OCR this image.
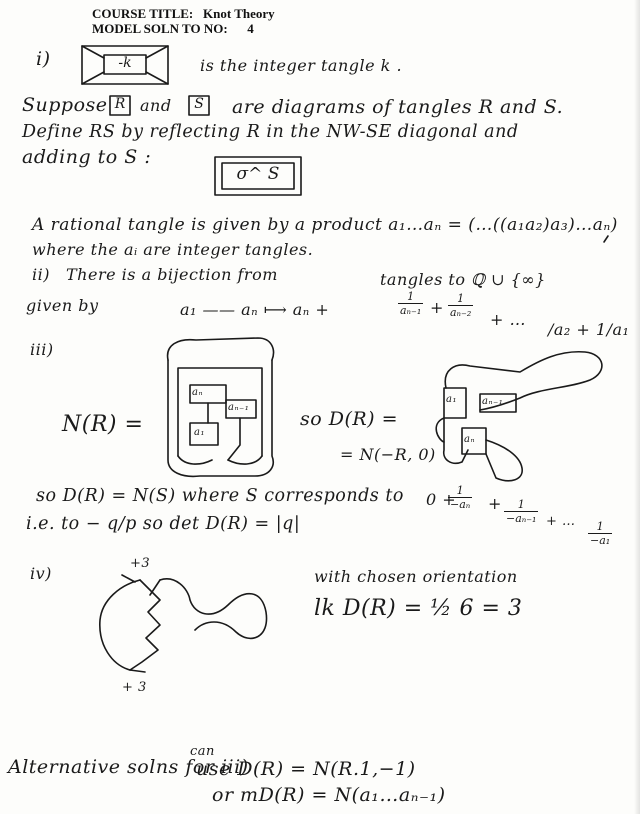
COURSE TITLE: Knot Theory
MODEL SOLN TO NO: 4
i)	-k	is the integer tangle k .
Suppose R and	S are diagrams of tangles R and S.
Define RS by reflecting R in the NW-SE diagonal and
adding to S :
σ^ S
A rational tangle is given by a product a₁…aₙ = (…((a₁a₂)a₃)…aₙ)
where the aᵢ are integer tangles.
ii) There is a bijection from	tangles to ℚ ∪ {∞}
given by	a₁ —— aₙ ⟼ aₙ +	$\frac{1}{\text{aₙ₋₁}} + \frac{1}{\text{aₙ₋₂}}$
+ …
/a₂ + 1/a₁
iii)
N(R) =	so D(R) =
= N(−R, 0)
aₙ
aₙ₋₁
a₁
aₙ₋₁
a₁
aₙ
so D(R) = N(S) where S corresponds to 0 +
$\frac{1}{\text{−aₙ}} + \frac{1}{\text{−aₙ₋₁}}$ + … $\frac{1}{\text{−a₁}}$
i.e. to − q/p so det D(R) = |q|
iv)
+3
+ 3
with chosen orientation
lk D(R) = ½ 6 = 3
Alternative solns for iii)
can
use D(R) = N(R.1,−1)
or mD(R) = N(a₁…aₙ₋₁)
